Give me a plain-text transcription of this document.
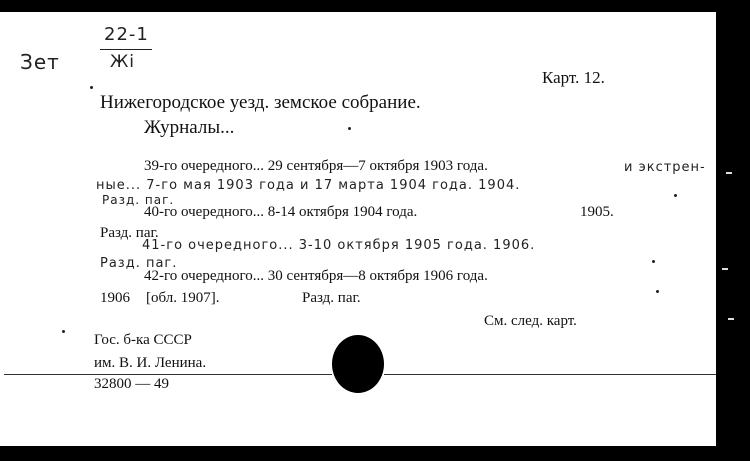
Зет
22-1
Жi
Карт. 12.
Нижегородское уезд. земское собрание.
Журналы...
39-го очередного... 29 сентября—7 октября 1903 года.	и экстрен-
ные... 7-го мая 1903 года и 17 марта 1904 года. 1904.
Разд. паг.
40-го очередного... 8-14 октября 1904 года.	1905.
Разд. паг.
41-го очередного... 3-10 октября 1905 года. 1906.
Разд. паг.
42-го очередного... 30 сентября—8 октября 1906 года.
1906 [обл. 1907].	Разд. паг.
См. след. карт.
Гос. б-ка СССР
им. В. И. Ленина.
32800 — 49
